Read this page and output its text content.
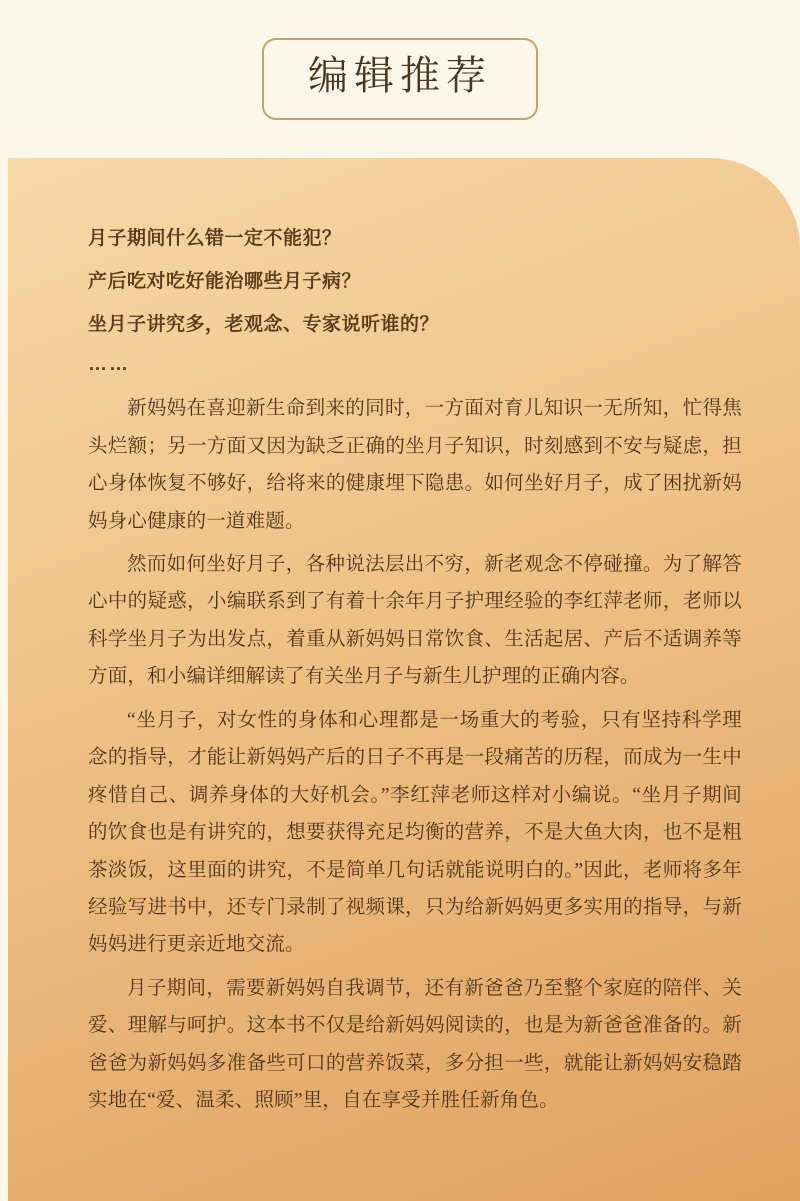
编辑推荐
月子期间什么错一定不能犯？
产后吃对吃好能治哪些月子病？
坐月子讲究多，老观念、专家说听谁的？
……

新妈妈在喜迎新生命到来的同时，一方面对育儿知识一无所知，忙得焦头烂额；另一方面又因为缺乏正确的坐月子知识，时刻感到不安与疑虑，担心身体恢复不够好，给将来的健康埋下隐患。如何坐好月子，成了困扰新妈妈身心健康的一道难题。

然而如何坐好月子，各种说法层出不穷，新老观念不停碰撞。为了解答心中的疑惑，小编联系到了有着十余年月子护理经验的李红萍老师，老师以科学坐月子为出发点，着重从新妈妈日常饮食、生活起居、产后不适调养等方面，和小编详细解读了有关坐月子与新生儿护理的正确内容。

“坐月子，对女性的身体和心理都是一场重大的考验，只有坚持科学理念的指导，才能让新妈妈产后的日子不再是一段痛苦的历程，而成为一生中疼惜自己、调养身体的大好机会。”李红萍老师这样对小编说。“坐月子期间的饮食也是有讲究的，想要获得充足均衡的营养，不是大鱼大肉，也不是粗茶淡饭，这里面的讲究，不是简单几句话就能说明白的。”因此，老师将多年经验写进书中，还专门录制了视频课，只为给新妈妈更多实用的指导，与新妈妈进行更亲近地交流。

月子期间，需要新妈妈自我调节，还有新爸爸乃至整个家庭的陪伴、关爱、理解与呵护。这本书不仅是给新妈妈阅读的，也是为新爸爸准备的。新爸爸为新妈妈多准备些可口的营养饭菜，多分担一些，就能让新妈妈安稳踏实地在“爱、温柔、照顾”里，自在享受并胜任新角色。
